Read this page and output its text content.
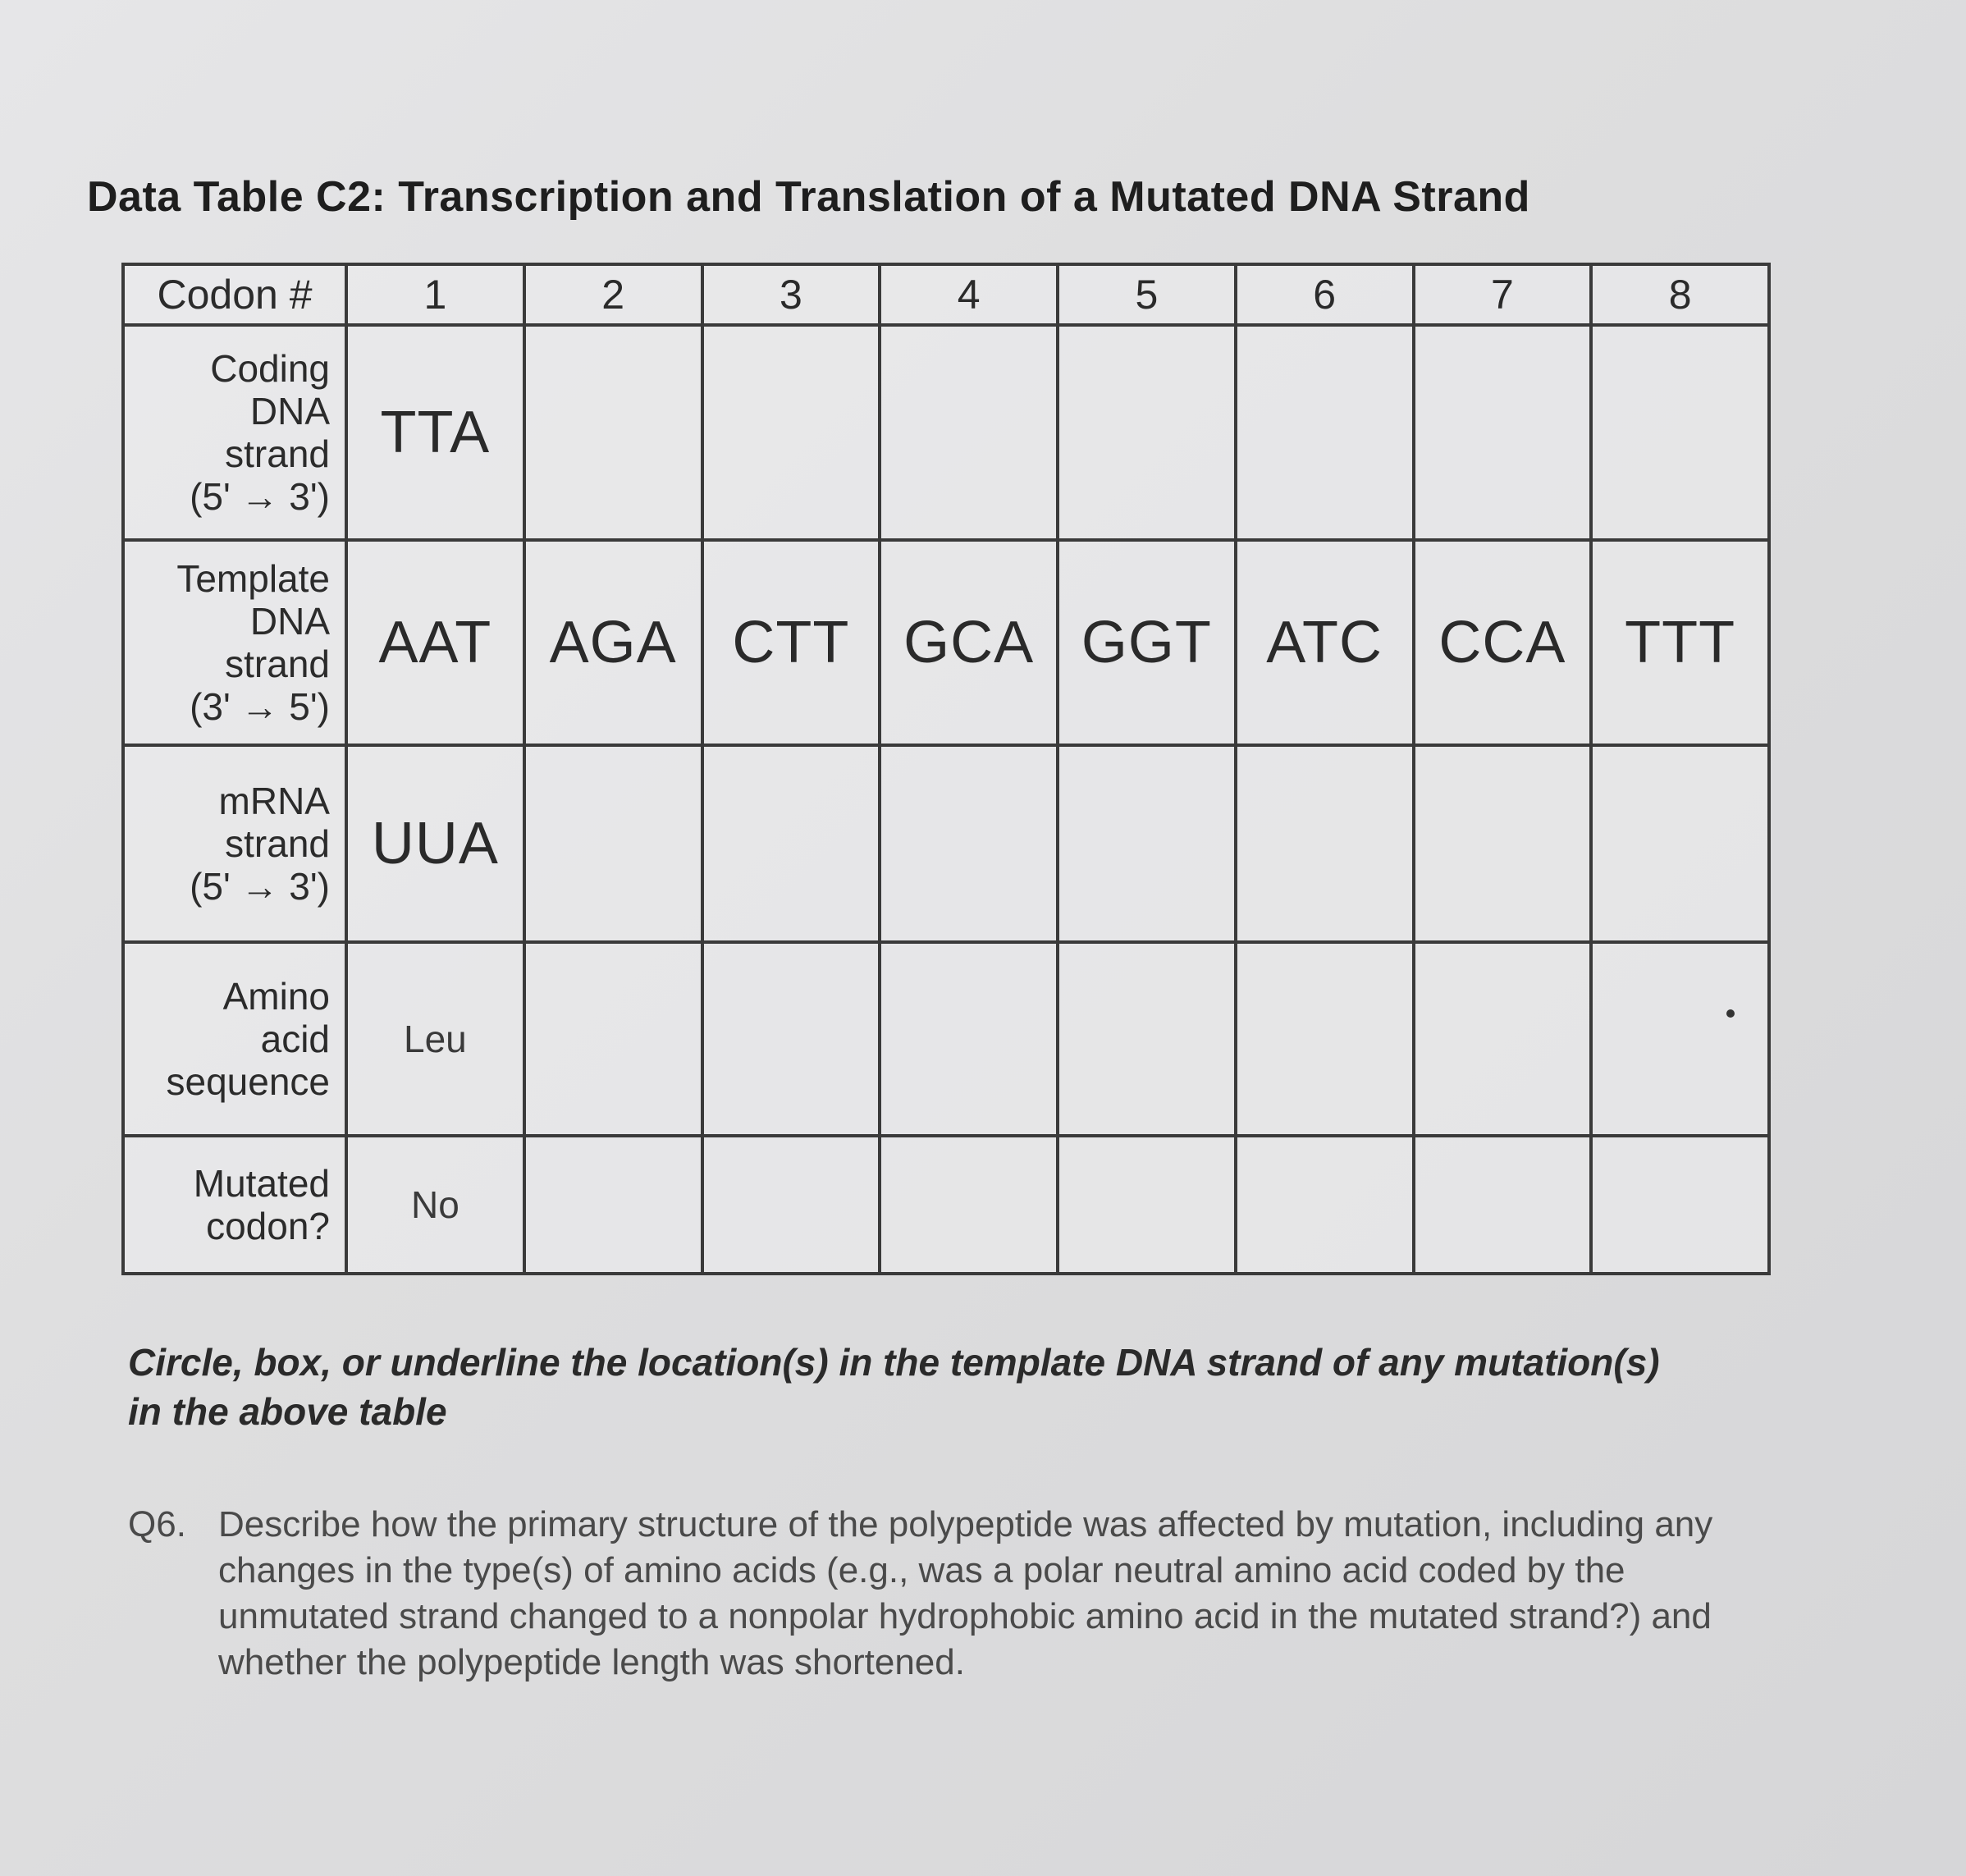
Data Table C2: Transcription and Translation of a Mutated DNA Strand
Codon #	1	2	3	4	5	6	7	8

Coding
DNA
strand
(5' → 3')	TTA							

Template
DNA
strand
(3' → 5')	AAT	AGA	CTT	GCA	GGT	ATC	CCA	TTT

mRNA
strand
(5' → 3')	UUA							

Amino
acid
sequence	Leu							

Mutated
codon?	No							
Circle, box, or underline the location(s) in the template DNA strand of any mutation(s) in the above table
Q6. Describe how the primary structure of the polypeptide was affected by mutation, including any changes in the type(s) of amino acids (e.g., was a polar neutral amino acid coded by the unmutated strand changed to a nonpolar hydrophobic amino acid in the mutated strand?) and whether the polypeptide length was shortened.
